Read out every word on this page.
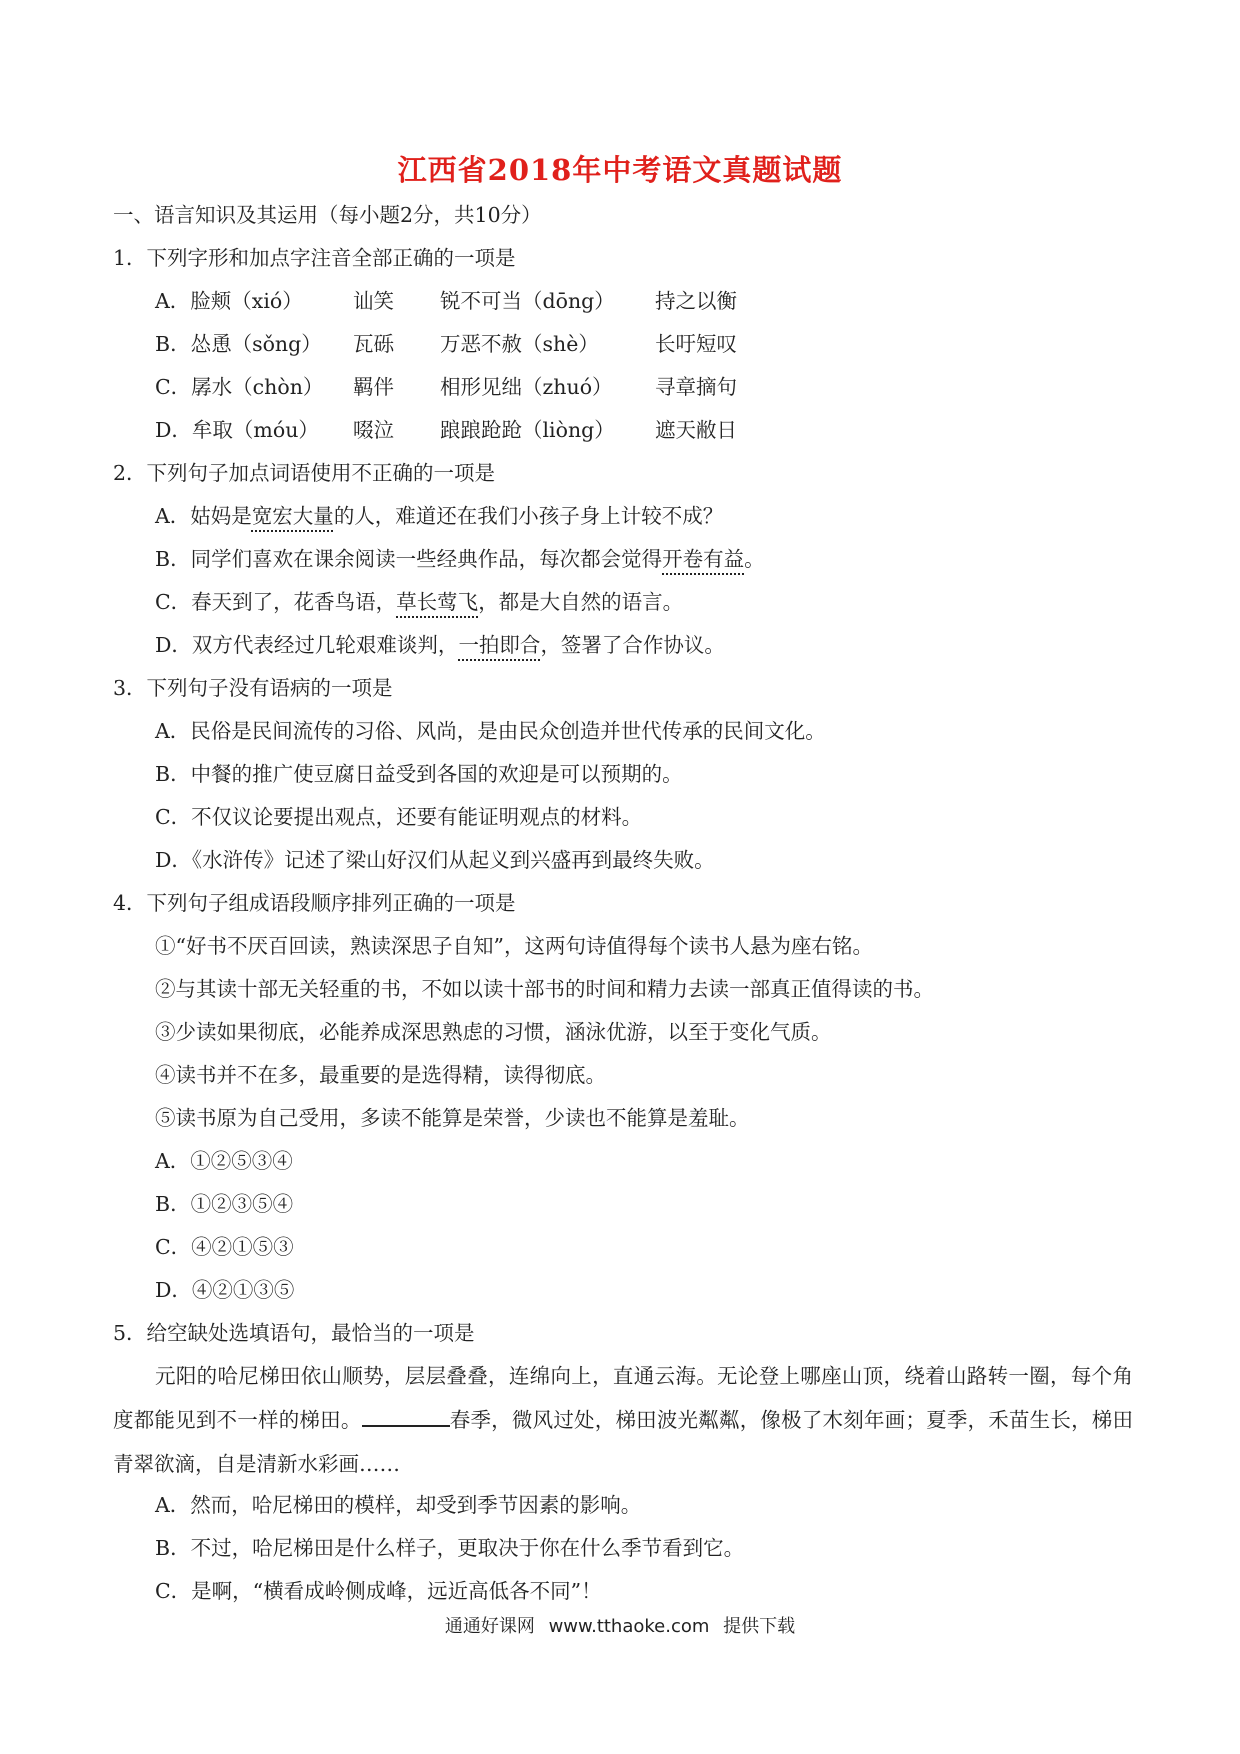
江西省2018年中考语文真题试题
一、语言知识及其运用（每小题2分，共10分）
1．下列字形和加点字注音全部正确的一项是
A．脸颊（xió） 讪笑 锐不可当（dōng） 持之以衡
B．怂恿（sǒng） 瓦砾 万恶不赦（shè）	长吁短叹
C．孱水（chòn） 羁伴 相形见绌（zhuó） 寻章摘句
D．牟取（móu） 啜泣 踉踉跄跄（liòng） 遮天敝日
2．下列句子加点词语使用不正确的一项是
A．姑妈是宽宏大量的人，难道还在我们小孩子身上计较不成？
B．同学们喜欢在课余阅读一些经典作品，每次都会觉得开卷有益。
C．春天到了，花香鸟语，草长莺飞，都是大自然的语言。
D．双方代表经过几轮艰难谈判，一拍即合，签署了合作协议。
3．下列句子没有语病的一项是
A．民俗是民间流传的习俗、风尚，是由民众创造并世代传承的民间文化。
B．中餐的推广使豆腐日益受到各国的欢迎是可以预期的。
C．不仅议论要提出观点，还要有能证明观点的材料。
D．《水浒传》记述了梁山好汉们从起义到兴盛再到最终失败。
4．下列句子组成语段顺序排列正确的一项是
①“好书不厌百回读，熟读深思子自知”，这两句诗值得每个读书人悬为座右铭。
②与其读十部无关轻重的书，不如以读十部书的时间和精力去读一部真正值得读的书。
③少读如果彻底，必能养成深思熟虑的习惯，涵泳优游，以至于变化气质。
④读书并不在多，最重要的是选得精，读得彻底。
⑤读书原为自己受用，多读不能算是荣誉，少读也不能算是羞耻。
A．①②⑤③④
B．①②③⑤④
C．④②①⑤③
D．④②①③⑤
5．给空缺处选填语句，最恰当的一项是
元阳的哈尼梯田依山顺势，层层叠叠，连绵向上，直通云海。无论登上哪座山顶，绕着山路转一圈，每个角度都能见到不一样的梯田。	春季，微风过处，梯田波光粼粼，像极了木刻年画；夏季，禾苗生长，梯田青翠欲滴，自是清新水彩画……
A．然而，哈尼梯田的模样，却受到季节因素的影响。
B．不过，哈尼梯田是什么样子，更取决于你在什么季节看到它。
C．是啊，“横看成岭侧成峰，远近高低各不同”！
通通好课网 www.tthaoke.com 提供下载
